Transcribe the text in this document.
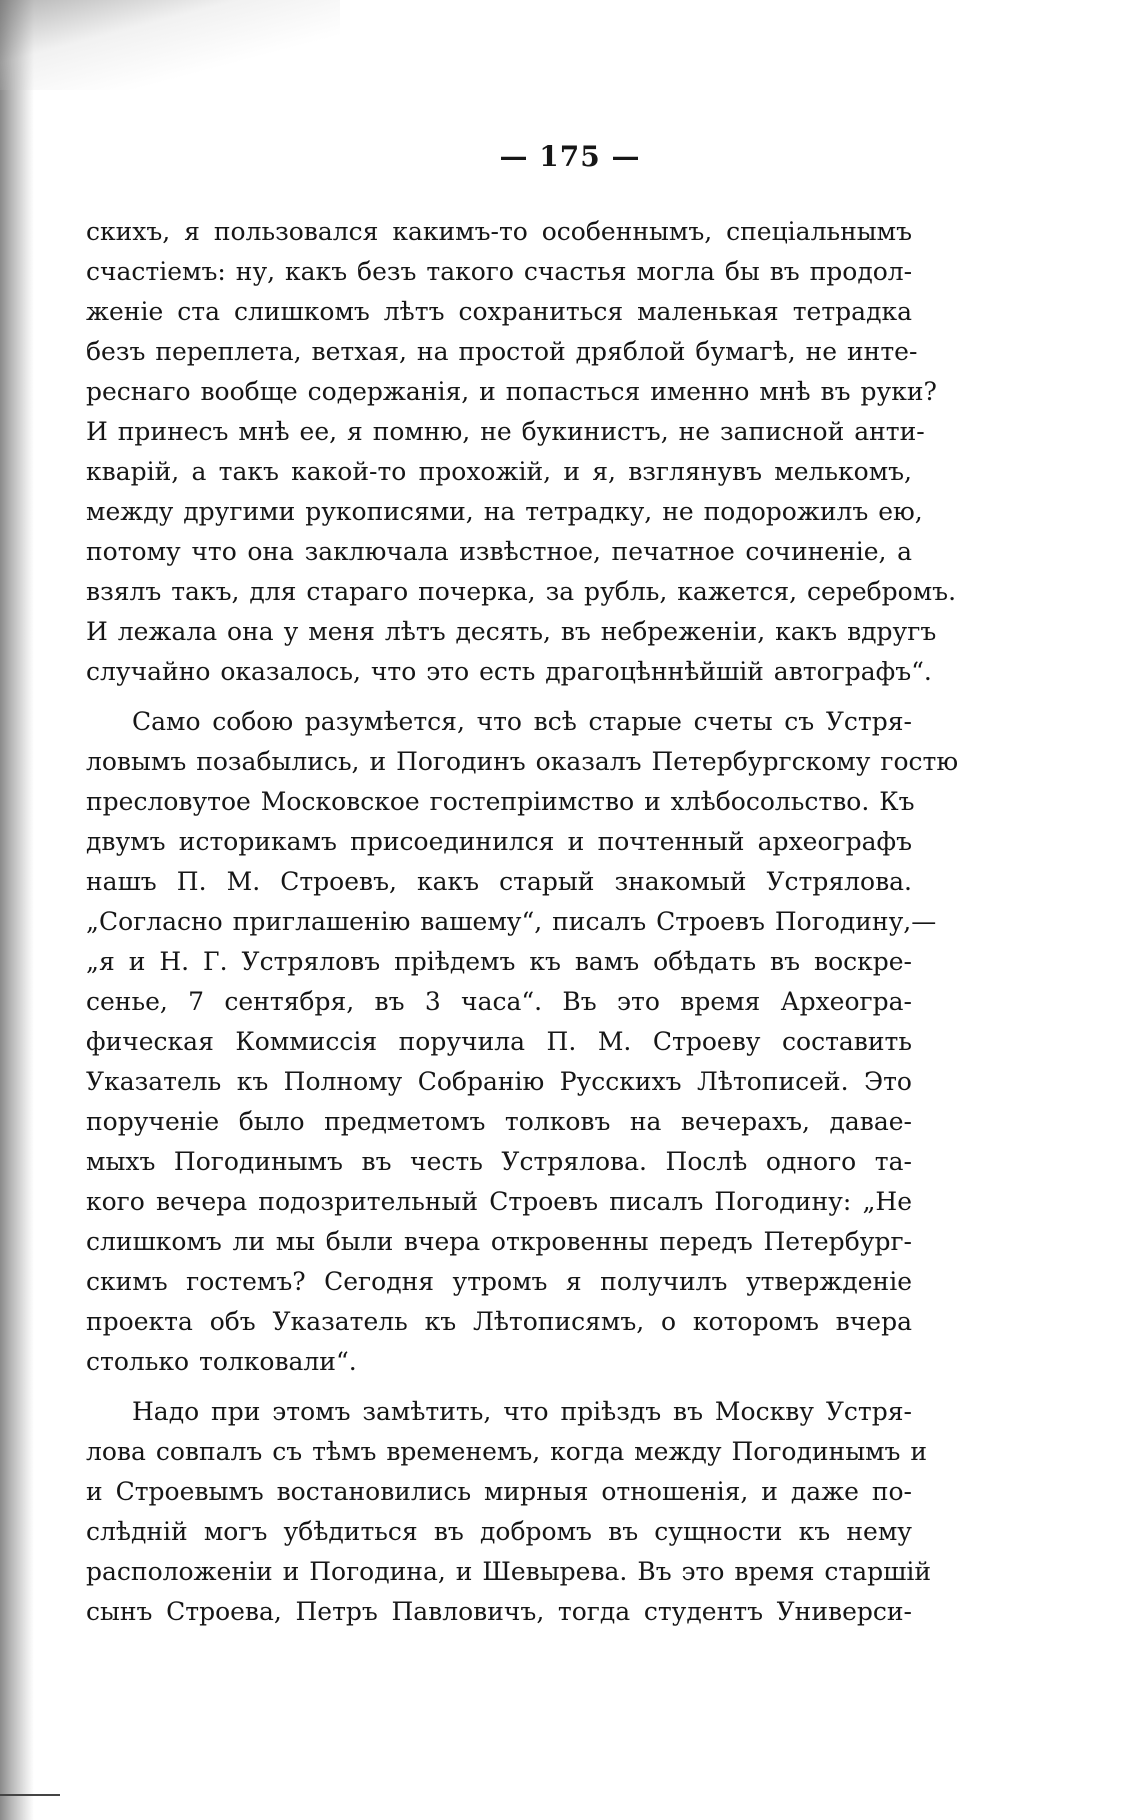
— 175 —

скихъ, я пользовался какимъ-то особеннымъ, спеціальнымъ
счастіемъ: ну, какъ безъ такого счастья могла бы въ продол-
женіе ста слишкомъ лѣтъ сохраниться маленькая тетрадка
безъ переплета, ветхая, на простой дряблой бумагѣ, не инте-
реснаго вообще содержанія, и попасться именно мнѣ въ руки?
И принесъ мнѣ ее, я помню, не букинистъ, не записной анти-
кварій, а такъ какой-то прохожій, и я, взглянувъ мелькомъ,
между другими рукописями, на тетрадку, не подорожилъ ею,
потому что она заключала извѣстное, печатное сочиненіе, а
взялъ такъ, для стараго почерка, за рубль, кажется, серебромъ.
И лежала она у меня лѣтъ десять, въ небреженіи, какъ вдругъ
случайно оказалось, что это есть драгоцѣннѣйшій автографъ“.

Само собою разумѣется, что всѣ старые счеты съ Устря-
ловымъ позабылись, и Погодинъ оказалъ Петербургскому гостю
пресловутое Московское гостепріимство и хлѣбосольство. Къ
двумъ историкамъ присоединился и почтенный археографъ
нашъ П. М. Строевъ, какъ старый знакомый Устрялова.
„Согласно приглашенію вашему“, писалъ Строевъ Погодину,—
„я и Н. Г. Устряловъ пріѣдемъ къ вамъ обѣдать въ воскре-
сенье, 7 сентября, въ 3 часа“. Въ это время Археогра-
фическая Коммиссія поручила П. М. Строеву составить
Указатель къ Полному Собранію Русскихъ Лѣтописей. Это
порученіе было предметомъ толковъ на вечерахъ, давае-
мыхъ Погодинымъ въ честь Устрялова. Послѣ одного та-
кого вечера подозрительный Строевъ писалъ Погодину: „Не
слишкомъ ли мы были вчера откровенны передъ Петербург-
скимъ гостемъ? Сегодня утромъ я получилъ утвержденіе
проекта объ Указатель къ Лѣтописямъ, о которомъ вчера
столько толковали“.

Надо при этомъ замѣтить, что пріѣздъ въ Москву Устря-
лова совпалъ съ тѣмъ временемъ, когда между Погодинымъ и
и Строевымъ востановились мирныя отношенія, и даже по-
слѣдній могъ убѣдиться въ добромъ въ сущности къ нему
расположеніи и Погодина, и Шевырева. Въ это время старшій
сынъ Строева, Петръ Павловичъ, тогда студентъ Универси-
